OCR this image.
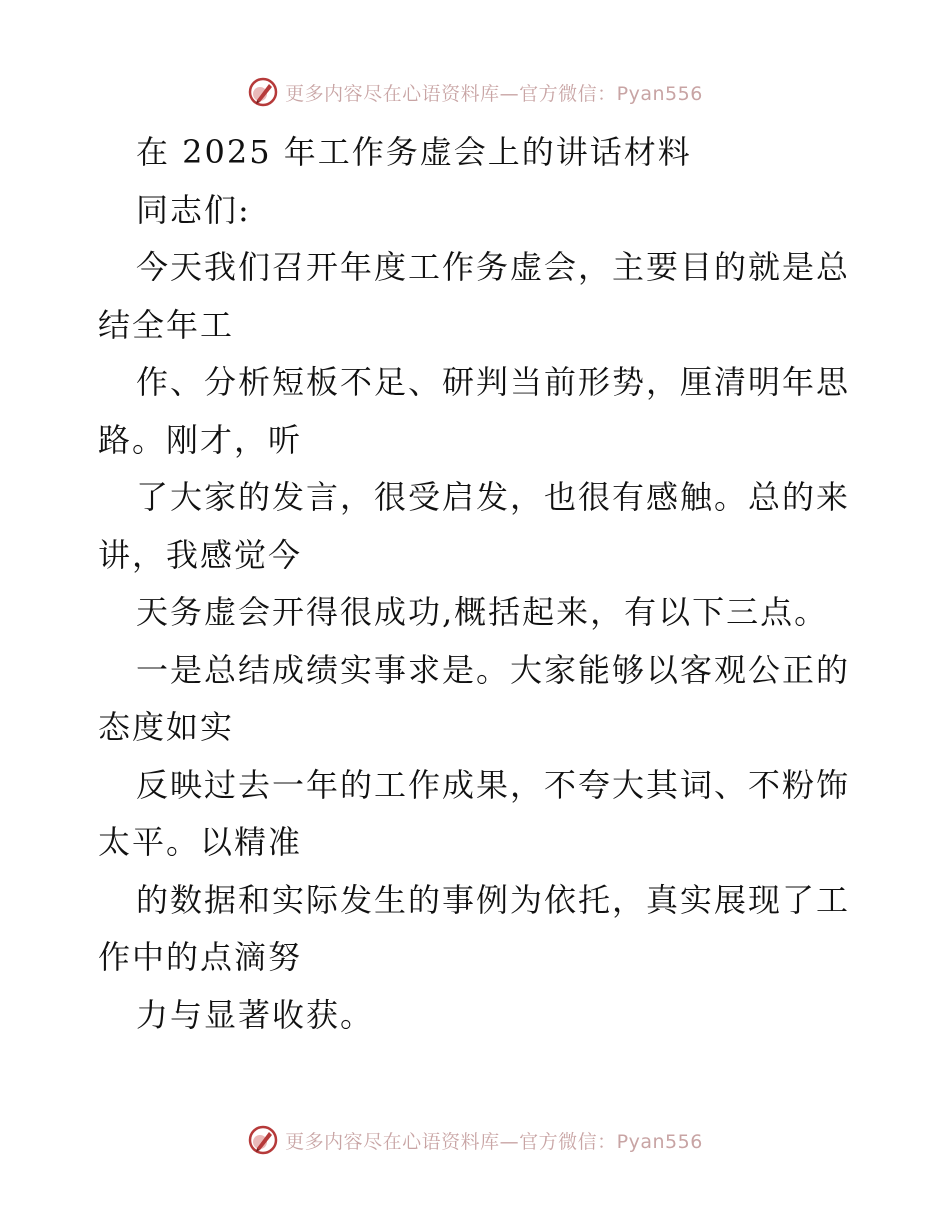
更多内容尽在心语资料库—官方微信：Pyan556
在 2025 年工作务虚会上的讲话材料
同志们:
今天我们召开年度工作务虚会，主要目的就是总
结全年工
作、分析短板不足、研判当前形势，厘清明年思
路。刚才，听
了大家的发言，很受启发，也很有感触。总的来
讲，我感觉今
天务虚会开得很成功,概括起来，有以下三点。
一是总结成绩实事求是。大家能够以客观公正的
态度如实
反映过去一年的工作成果，不夸大其词、不粉饰
太平。以精准
的数据和实际发生的事例为依托，真实展现了工
作中的点滴努
力与显著收获。
更多内容尽在心语资料库—官方微信：Pyan556
